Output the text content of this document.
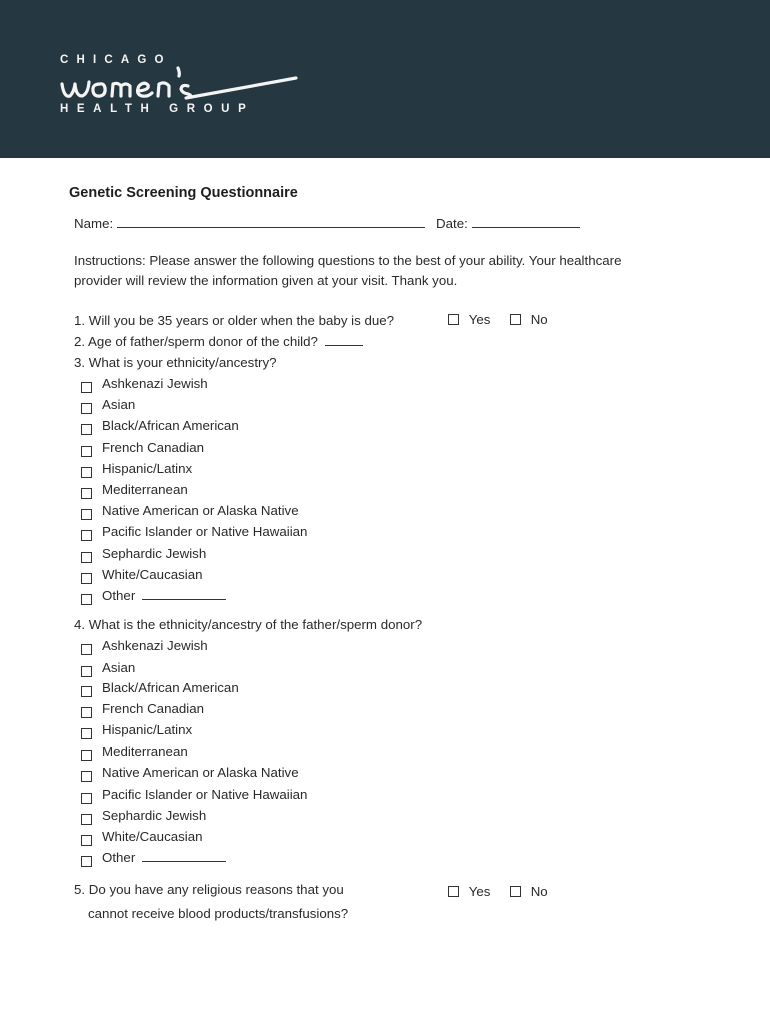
CHICAGO
HEALTH GROUP
Genetic Screening Questionnaire
Name:	Date:
Instructions: Please answer the following questions to the best of your ability. Your healthcare
provider will review the information given at your visit. Thank you.
1. Will you be 35 years or older when the baby is due?	Yes	No
2. Age of father/sperm donor of the child?
3. What is your ethnicity/ancestry?
Ashkenazi Jewish
Asian
Black/African American
French Canadian
Hispanic/Latinx
Mediterranean
Native American or Alaska Native
Pacific Islander or Native Hawaiian
Sephardic Jewish
White/Caucasian
Other
4. What is the ethnicity/ancestry of the father/sperm donor?
Ashkenazi Jewish
Asian
Black/African American
French Canadian
Hispanic/Latinx
Mediterranean
Native American or Alaska Native
Pacific Islander or Native Hawaiian
Sephardic Jewish
White/Caucasian
Other
5. Do you have any religious reasons that you
cannot receive blood products/transfusions?
Yes	No
